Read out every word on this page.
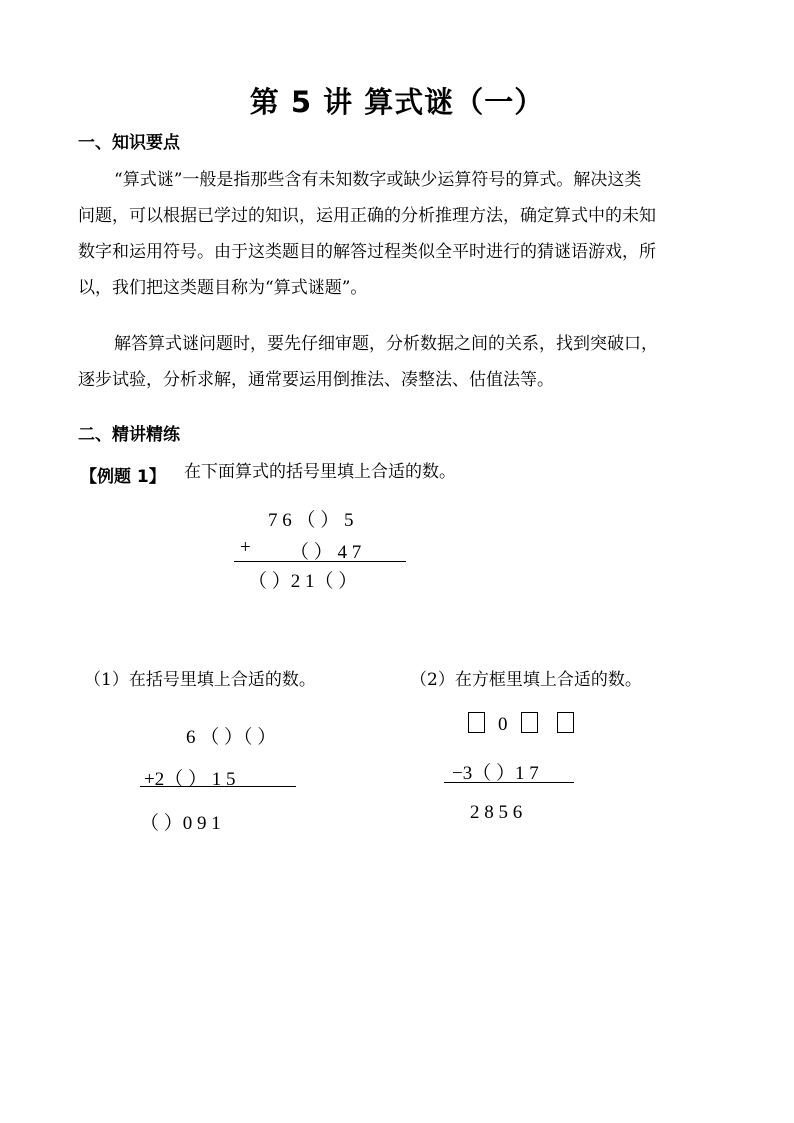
第 5 讲 算式谜（一）
一、知识要点
“算式谜”一般是指那些含有未知数字或缺少运算符号的算式。解决这类
问题，可以根据已学过的知识，运用正确的分析推理方法，确定算式中的未知
数字和运用符号。由于这类题目的解答过程类似全平时进行的猜谜语游戏，所
以，我们把这类题目称为“算式谜题”。
解答算式谜问题时，要先仔细审题，分析数据之间的关系，找到突破口，
逐步试验，分析求解，通常要运用倒推法、凑整法、估值法等。
二、精讲精练
【例题 1】 在下面算式的括号里填上合适的数。
7 6 （ ） 5
+ （ ） 4 7
（ ）2 1（ ）
（1）在括号里填上合适的数。	（2）在方框里填上合适的数。
6 （ ）（ ）
+2（ ） 1 5
（ ）0 9 1
0
−3（ ）1 7
2 8 5 6
